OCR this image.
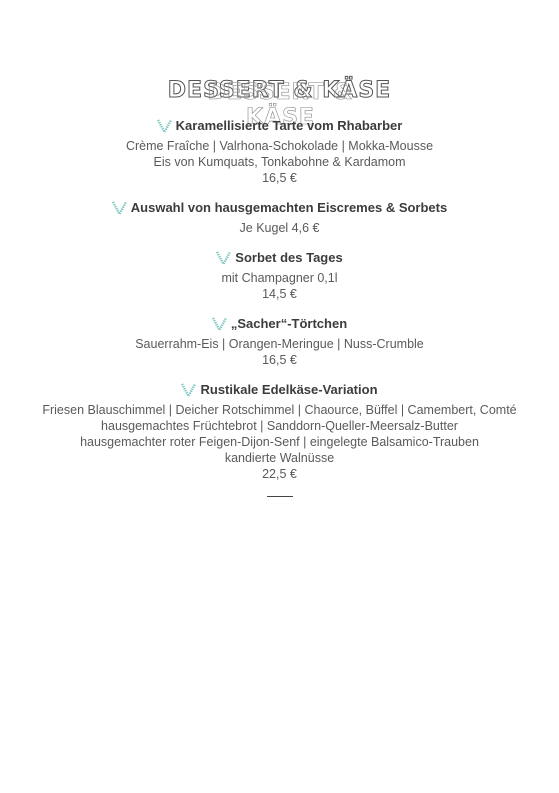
DESSERT & KÄSE DESSERT & KÄSE
Karamellisierte Tarte vom Rhabarber
Crème Fraîche | Valrhona-Schokolade | Mokka-Mousse
Eis von Kumquats, Tonkabohne & Kardamom
16,5 €
Auswahl von hausgemachten Eiscremes & Sorbets
Je Kugel 4,6 €
Sorbet des Tages
mit Champagner 0,1l
14,5 €
„Sacher“-Törtchen
Sauerrahm-Eis | Orangen-Meringue | Nuss-Crumble
16,5 €
Rustikale Edelkäse-Variation
Friesen Blauschimmel | Deicher Rotschimmel | Chaource, Büffel | Camembert, Comté
hausgemachtes Früchtebrot | Sanddorn-Queller-Meersalz-Butter
hausgemachter roter Feigen-Dijon-Senf | eingelegte Balsamico-Trauben
kandierte Walnüsse
22,5 €
